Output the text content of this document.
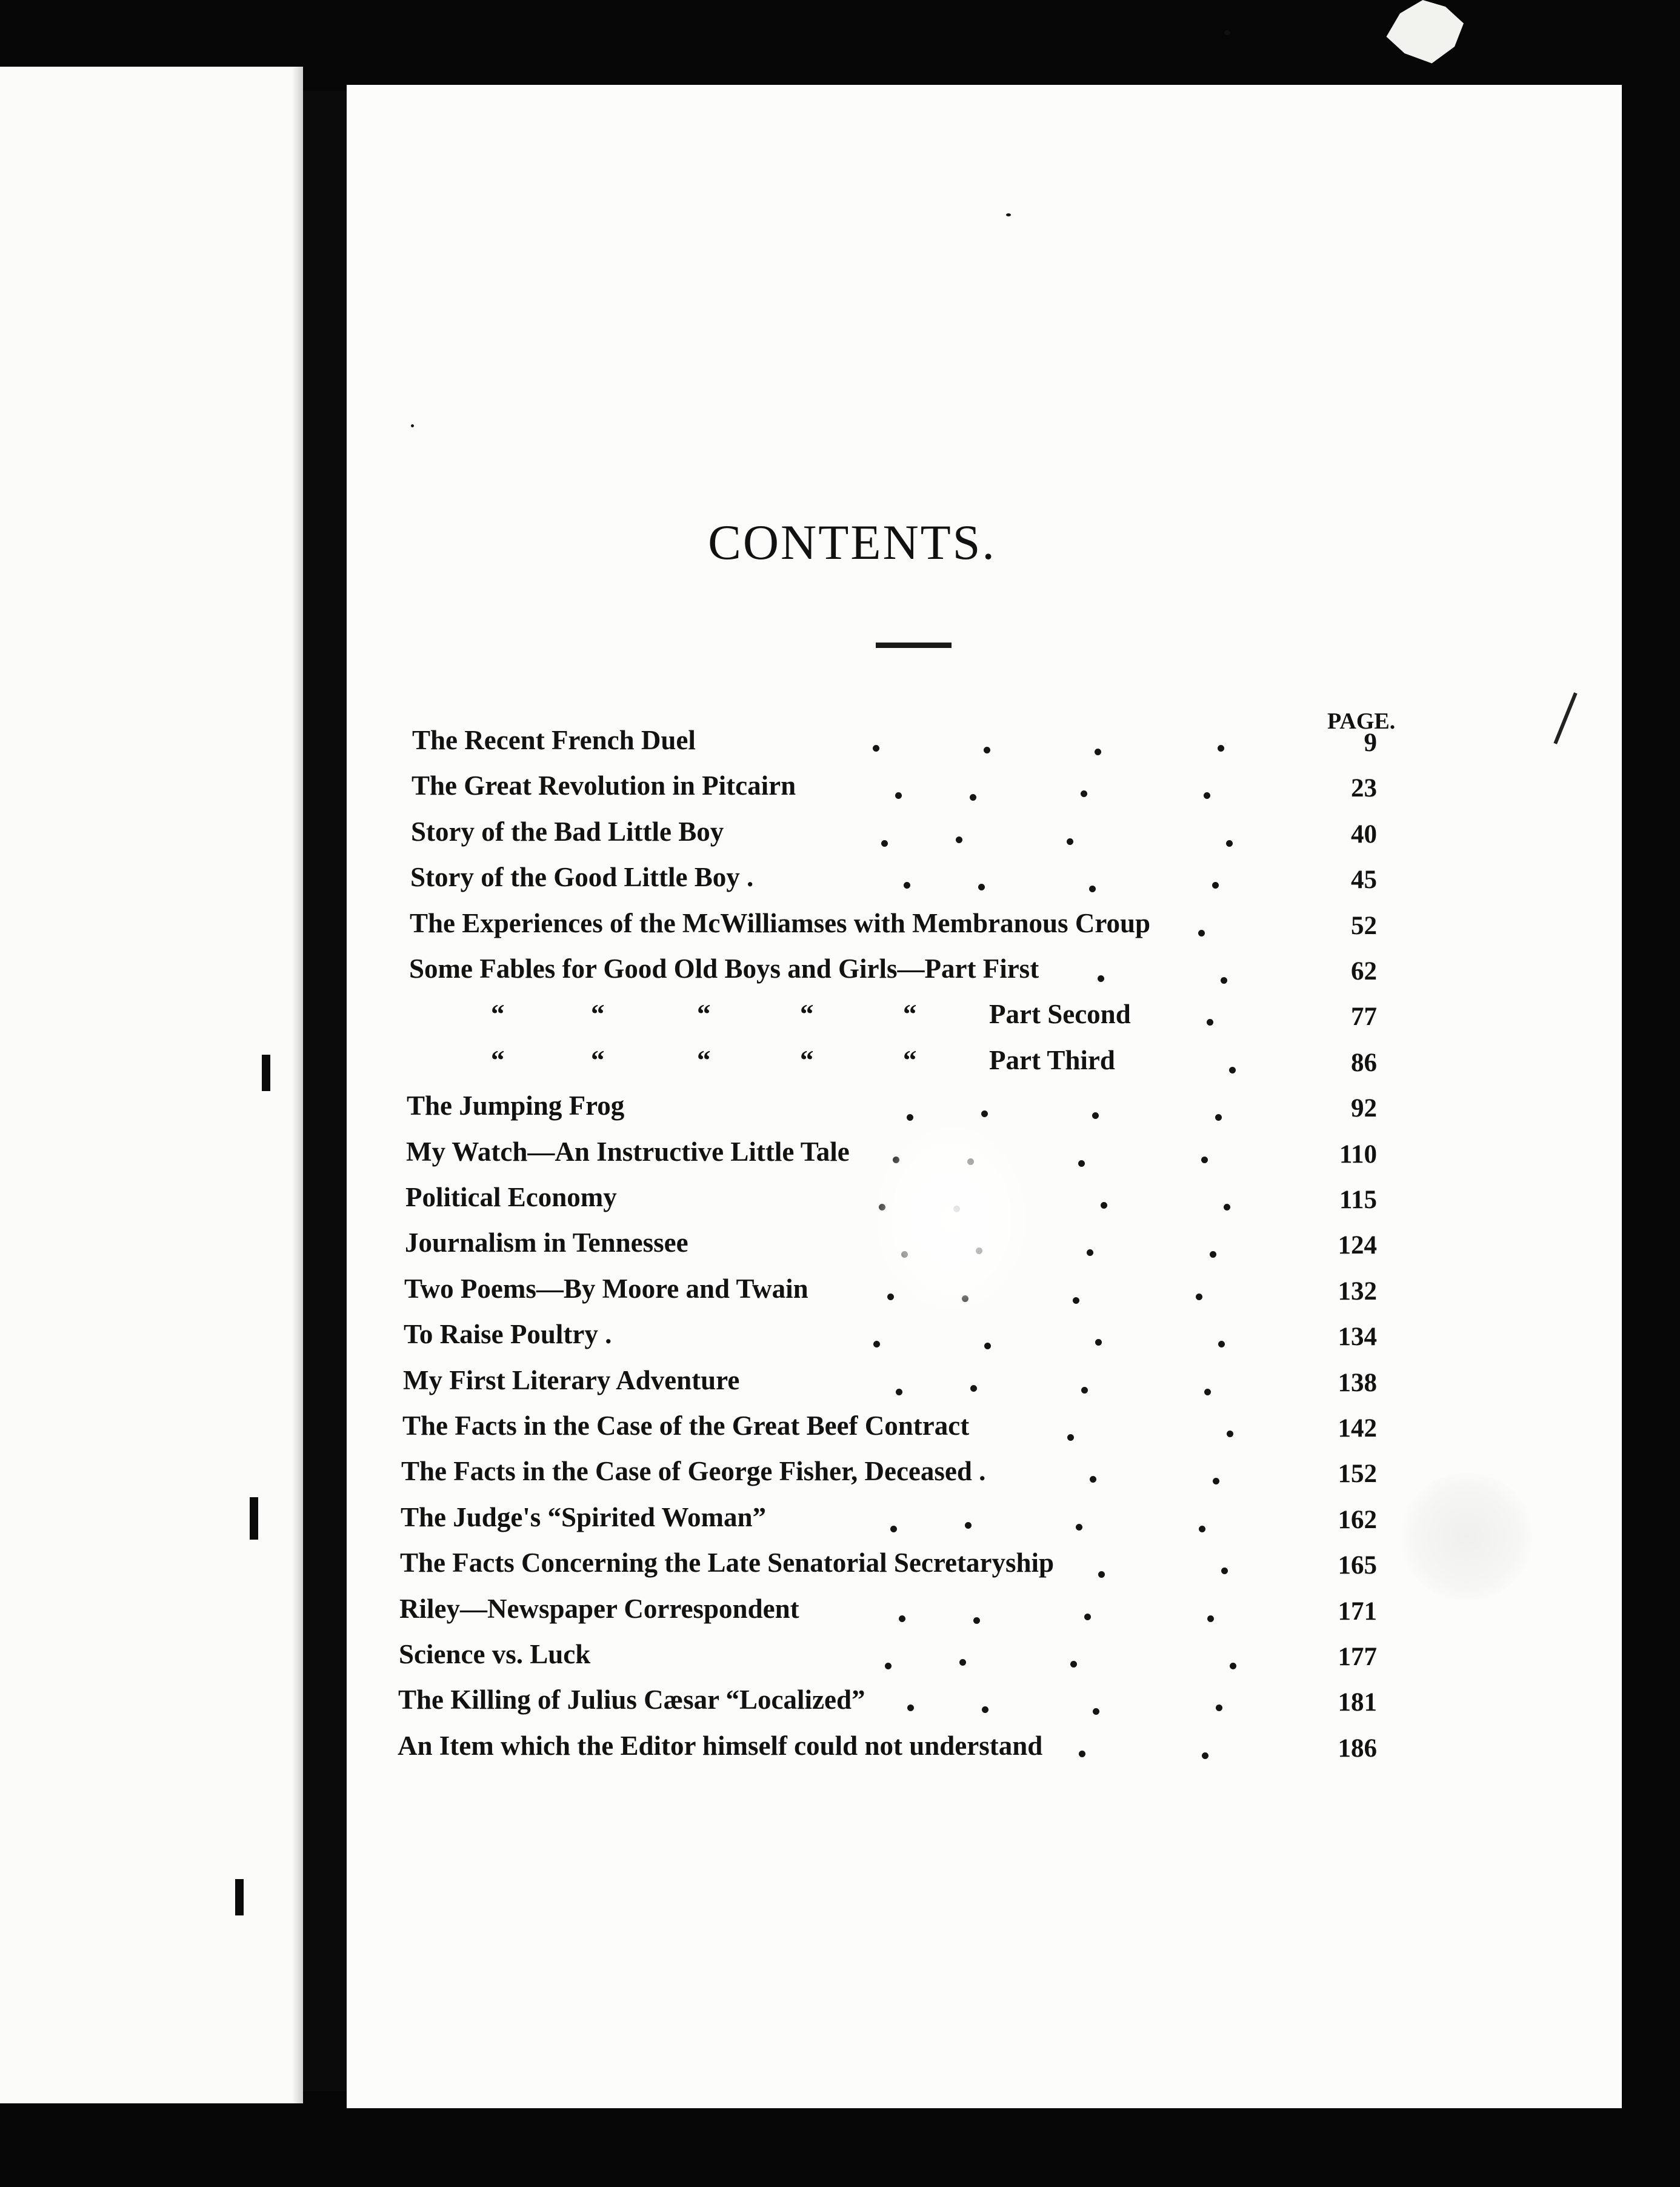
CONTENTS.
PAGE.
The Recent French Duel	9
The Great Revolution in Pitcairn	23
Story of the Bad Little Boy	40
Story of the Good Little Boy .	45
The Experiences of the McWilliamses with Membranous Croup	52
Some Fables for Good Old Boys and Girls—Part First	62
“	“	“	“	“	Part Second	77
“	“	“	“	“	Part Third	86
The Jumping Frog	92
My Watch—An Instructive Little Tale	110
Political Economy	115
Journalism in Tennessee	124
Two Poems—By Moore and Twain	132
To Raise Poultry .	134
My First Literary Adventure	138
The Facts in the Case of the Great Beef Contract	142
The Facts in the Case of George Fisher, Deceased .	152
The Judge's “Spirited Woman”	162
The Facts Concerning the Late Senatorial Secretaryship	165
Riley—Newspaper Correspondent	171
Science vs. Luck	177
The Killing of Julius Cæsar “Localized”	181
An Item which the Editor himself could not understand	186
